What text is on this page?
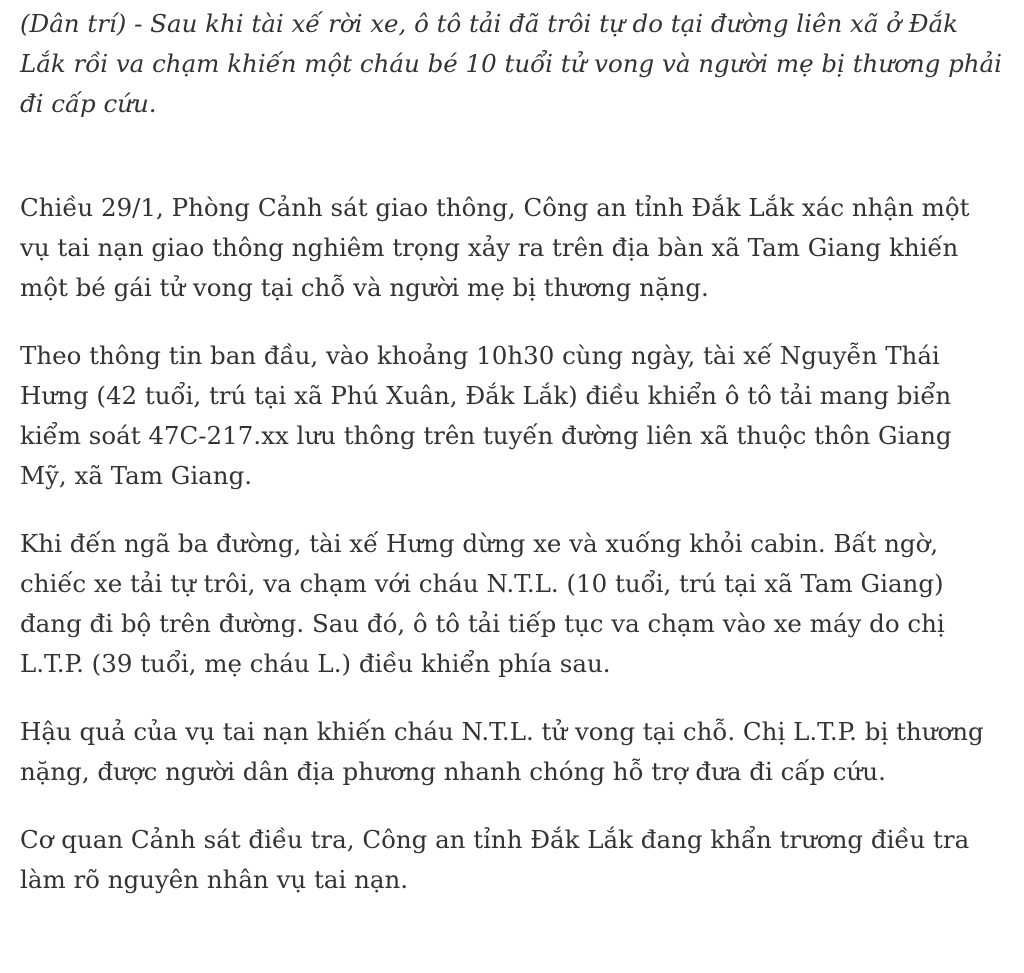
(Dân trí) - Sau khi tài xế rời xe, ô tô tải đã trôi tự do tại đường liên xã ở Đắk Lắk rồi va chạm khiến một cháu bé 10 tuổi tử vong và người mẹ bị thương phải đi cấp cứu.

Chiều 29/1, Phòng Cảnh sát giao thông, Công an tỉnh Đắk Lắk xác nhận một vụ tai nạn giao thông nghiêm trọng xảy ra trên địa bàn xã Tam Giang khiến một bé gái tử vong tại chỗ và người mẹ bị thương nặng.

Theo thông tin ban đầu, vào khoảng 10h30 cùng ngày, tài xế Nguyễn Thái Hưng (42 tuổi, trú tại xã Phú Xuân, Đắk Lắk) điều khiển ô tô tải mang biển kiểm soát 47C-217.xx lưu thông trên tuyến đường liên xã thuộc thôn Giang Mỹ, xã Tam Giang.

Khi đến ngã ba đường, tài xế Hưng dừng xe và xuống khỏi cabin. Bất ngờ, chiếc xe tải tự trôi, va chạm với cháu N.T.L. (10 tuổi, trú tại xã Tam Giang) đang đi bộ trên đường. Sau đó, ô tô tải tiếp tục va chạm vào xe máy do chị L.T.P. (39 tuổi, mẹ cháu L.) điều khiển phía sau.

Hậu quả của vụ tai nạn khiến cháu N.T.L. tử vong tại chỗ. Chị L.T.P. bị thương nặng, được người dân địa phương nhanh chóng hỗ trợ đưa đi cấp cứu.

Cơ quan Cảnh sát điều tra, Công an tỉnh Đắk Lắk đang khẩn trương điều tra làm rõ nguyên nhân vụ tai nạn.
